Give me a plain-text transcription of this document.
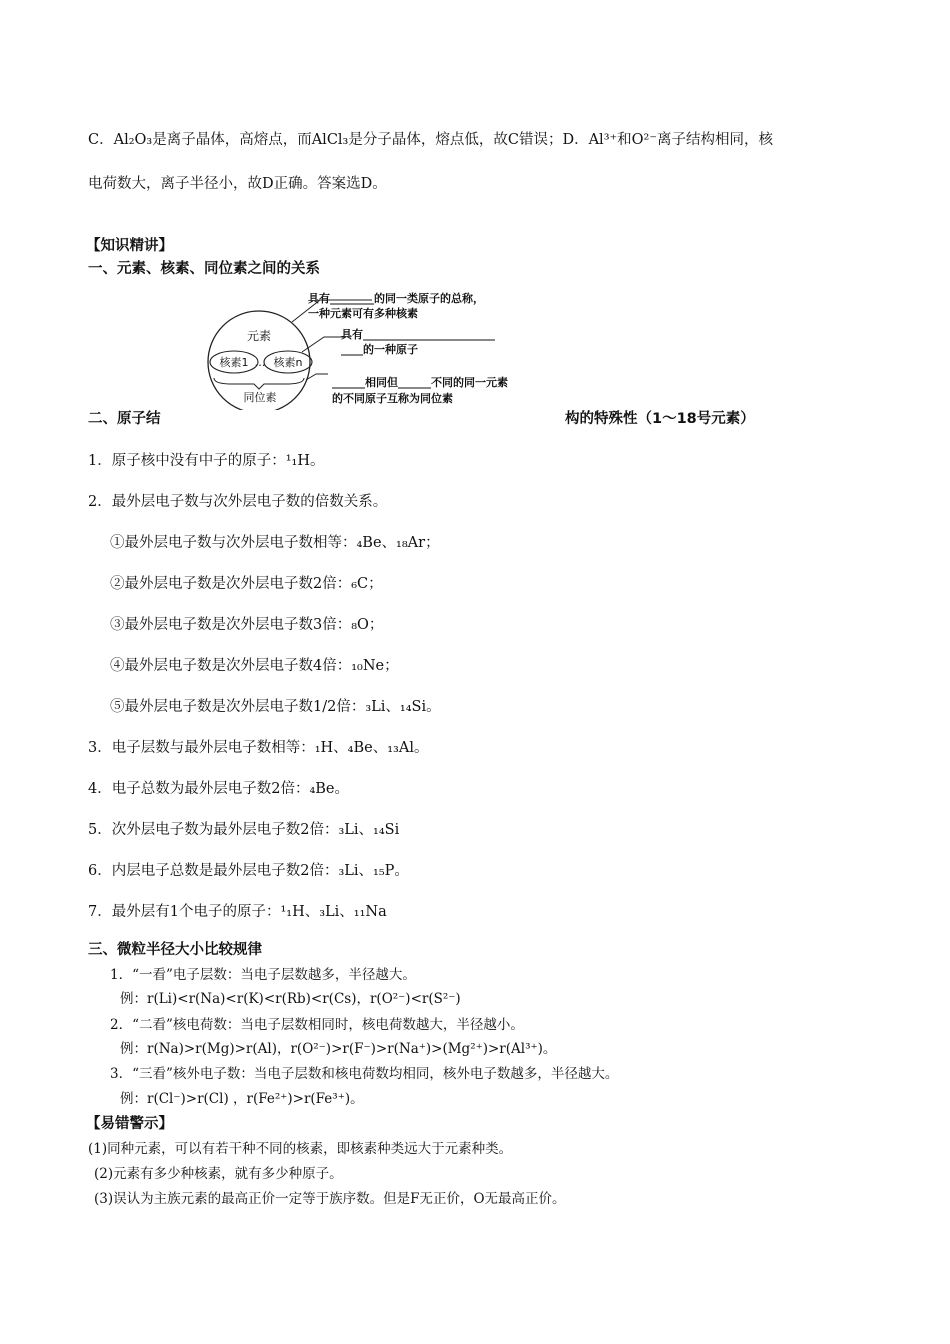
C．Al₂O₃是离子晶体，高熔点，而AlCl₃是分子晶体，熔点低，故C错误；D．Al³⁺和O²⁻离子结构相同，核
电荷数大，离子半径小，故D正确。答案选D。
【知识精讲】
一、元素、核素、同位素之间的关系
元素
核素1 … 核素n
同位素
具有________的同一类原子的总称，
一种元素可有多种核素
具有________________________
____的一种原子
______相同但______不同的同一元素
的不同原子互称为同位素
二、原子结	构的特殊性（1～18号元素）
1．原子核中没有中子的原子：¹₁H。
2．最外层电子数与次外层电子数的倍数关系。
①最外层电子数与次外层电子数相等：₄Be、₁₈Ar；
②最外层电子数是次外层电子数2倍：₆C；
③最外层电子数是次外层电子数3倍：₈O；
④最外层电子数是次外层电子数4倍：₁₀Ne；
⑤最外层电子数是次外层电子数1/2倍：₃Li、₁₄Si。
3．电子层数与最外层电子数相等：₁H、₄Be、₁₃Al。
4．电子总数为最外层电子数2倍：₄Be。
5．次外层电子数为最外层电子数2倍：₃Li、₁₄Si
6．内层电子总数是最外层电子数2倍：₃Li、₁₅P。
7．最外层有1个电子的原子：¹₁H、₃Li、₁₁Na
三、微粒半径大小比较规律
1．“一看”电子层数：当电子层数越多，半径越大。
例：r(Li)<r(Na)<r(K)<r(Rb)<r(Cs)，r(O²⁻)<r(S²⁻)
2．“二看”核电荷数：当电子层数相同时，核电荷数越大，半径越小。
例：r(Na)>r(Mg)>r(Al)，r(O²⁻)>r(F⁻)>r(Na⁺)>(Mg²⁺)>r(Al³⁺)。
3．“三看”核外电子数：当电子层数和核电荷数均相同，核外电子数越多，半径越大。
例：r(Cl⁻)>r(Cl) ，r(Fe²⁺)>r(Fe³⁺)。
【易错警示】
(1)同种元素，可以有若干种不同的核素，即核素种类远大于元素种类。
(2)元素有多少种核素，就有多少种原子。
(3)误认为主族元素的最高正价一定等于族序数。但是F无正价，O无最高正价。
